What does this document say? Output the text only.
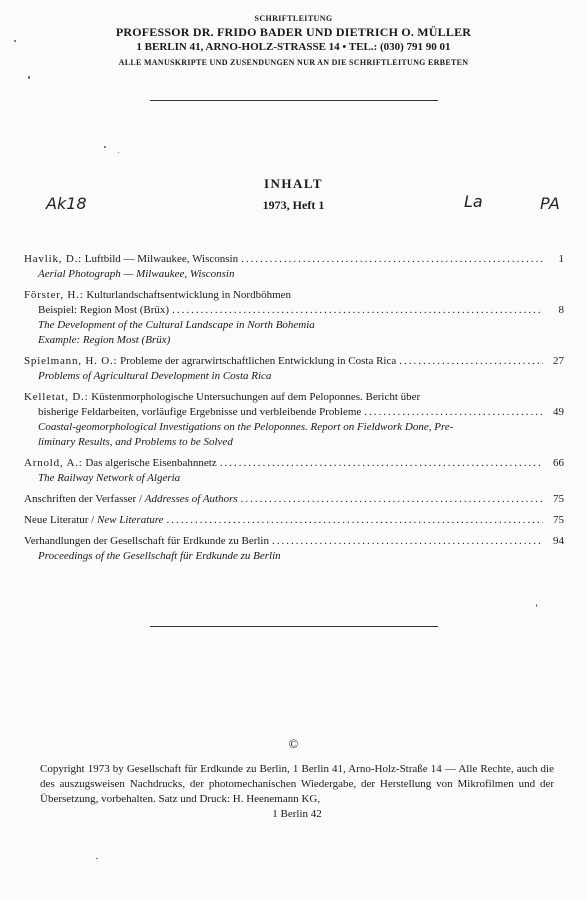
SCHRIFTLEITUNG
PROFESSOR DR. FRIDO BADER UND DIETRICH O. MÜLLER
1 BERLIN 41, ARNO-HOLZ-STRASSE 14 • TEL.: (030) 791 90 01
ALLE MANUSKRIPTE UND ZUSENDUNGEN NUR AN DIE SCHRIFTLEITUNG ERBETEN
Ak18	La	PA
INHALT
1973, Heft 1
Havlik, D.: Luftbild — Milwaukee, Wisconsin .....	1
Aerial Photograph — Milwaukee, Wisconsin
Förster, H.: Kulturlandschaftsentwicklung in Nordböhmen
Beispiel: Region Most (Brüx) .....	8
The Development of the Cultural Landscape in North Bohemia
Example: Region Most (Brüx)
Spielmann, H. O.: Probleme der agrarwirtschaftlichen Entwicklung in Costa Rica .....	27
Problems of Agricultural Development in Costa Rica
Kelletat, D.: Küstenmorphologische Untersuchungen auf dem Peloponnes. Bericht über
bisherige Feldarbeiten, vorläufige Ergebnisse und verbleibende Probleme .....	49
Coastal-geomorphological Investigations on the Peloponnes. Report on Fieldwork Done, Pre-
liminary Results, and Problems to be Solved
Arnold, A.: Das algerische Eisenbahnnetz .....	66
The Railway Network of Algeria
Anschriften der Verfasser / Addresses of Authors .....	75
Neue Literatur / New Literature .....	75
Verhandlungen der Gesellschaft für Erdkunde zu Berlin .....	94
Proceedings of the Gesellschaft für Erdkunde zu Berlin
©
Copyright 1973 by Gesellschaft für Erdkunde zu Berlin, 1 Berlin 41, Arno-Holz-Straße 14 — Alle Rechte, auch die des auszugsweisen Nachdrucks, der photomechanischen Wiedergabe, der Herstellung von Mikrofilmen und der Übersetzung, vorbehalten. Satz und Druck: H. Heenemann KG,
1 Berlin 42
